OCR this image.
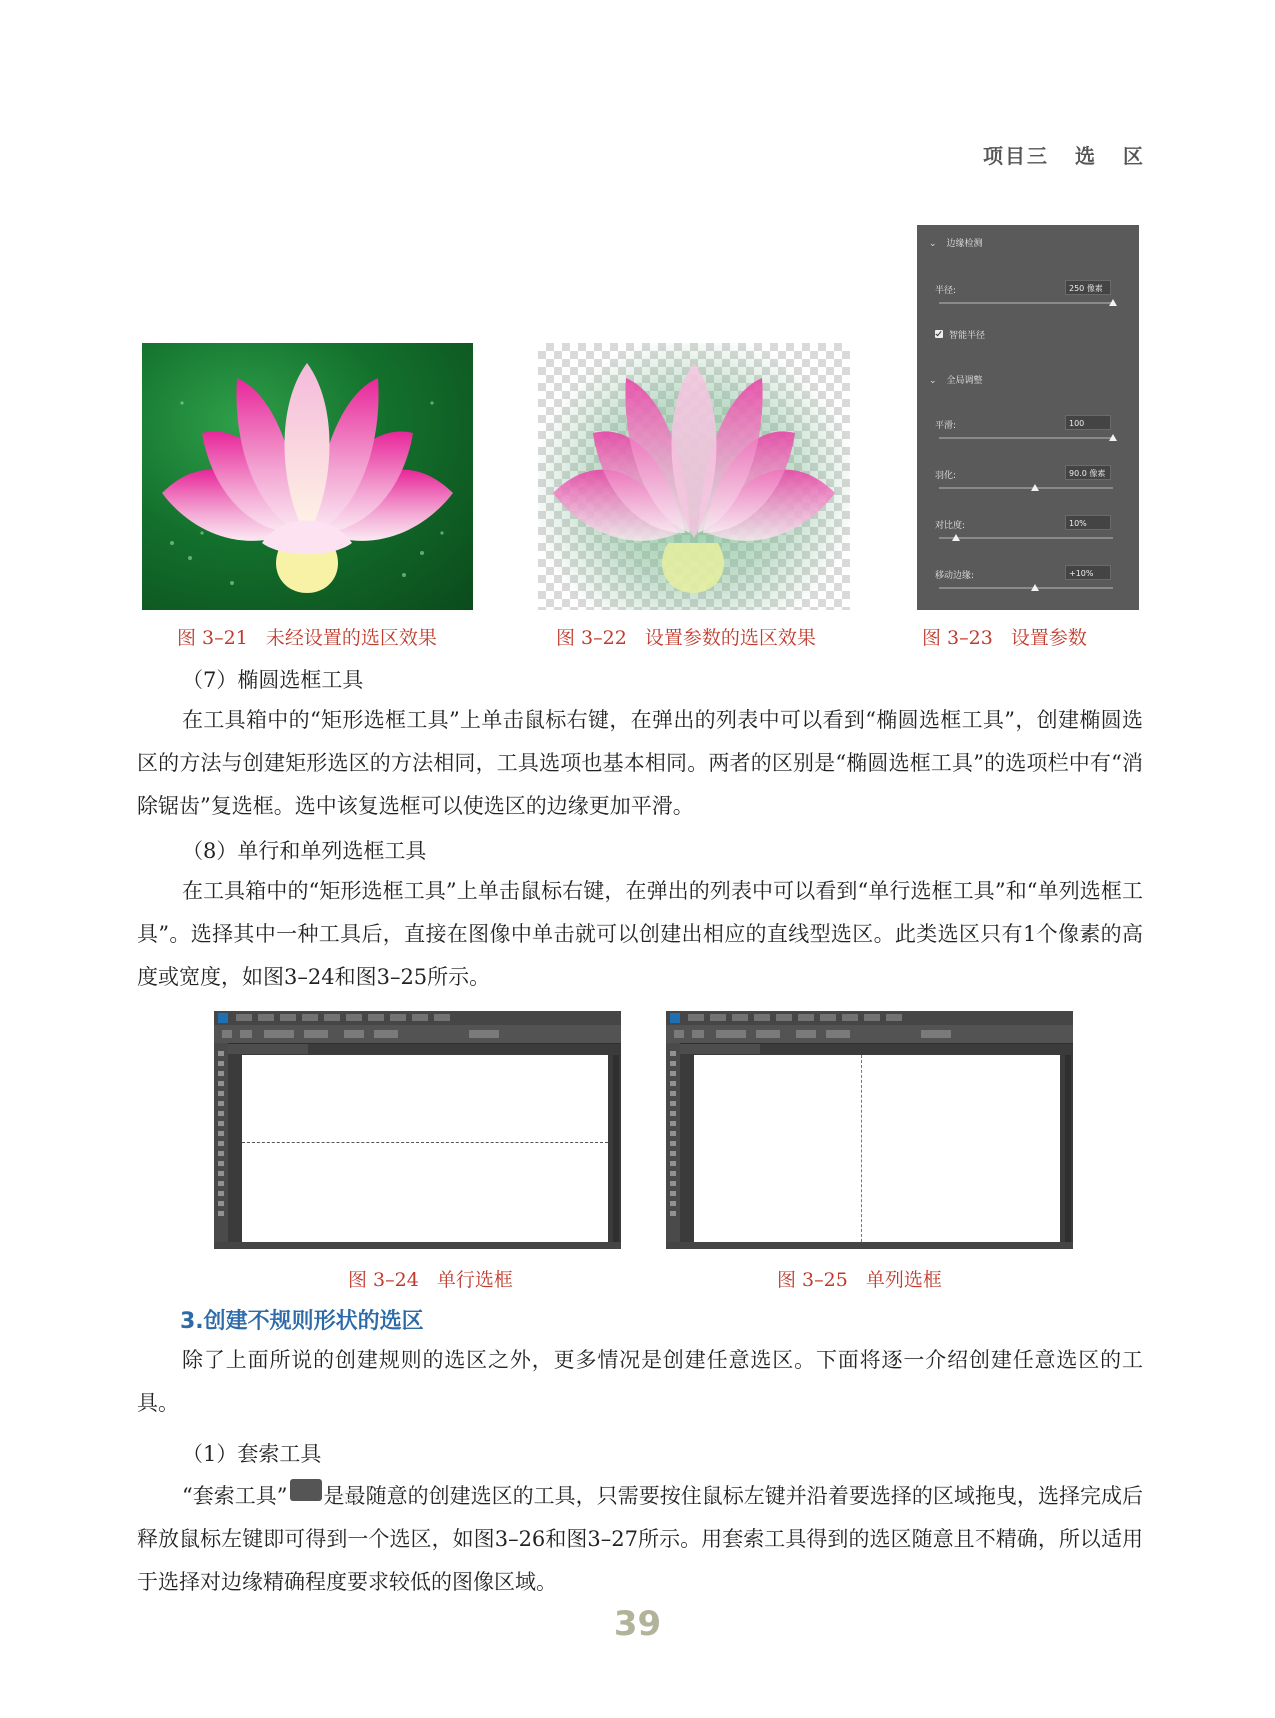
项目三 选 区
⌄ 边缘检测
半径:	250 像素
智能半径
⌄ 全局调整
平滑:	100
羽化:	90.0 像素
对比度:	10%
移动边缘:	+10%
图 3–21 未经设置的选区效果	图 3–22 设置参数的选区效果	图 3–23 设置参数
（7）椭圆选框工具

在工具箱中的“矩形选框工具”上单击鼠标右键，在弹出的列表中可以看到“椭圆选框工具”，创建椭圆选区的方法与创建矩形选区的方法相同，工具选项也基本相同。两者的区别是“椭圆选框工具”的选项栏中有“消除锯齿”复选框。选中该复选框可以使选区的边缘更加平滑。

（8）单行和单列选框工具

在工具箱中的“矩形选框工具”上单击鼠标右键，在弹出的列表中可以看到“单行选框工具”和“单列选框工具”。选择其中一种工具后，直接在图像中单击就可以创建出相应的直线型选区。此类选区只有1个像素的高度或宽度，如图3–24和图3–25所示。

图 3–24 单行选框	图 3–25 单列选框
3.创建不规则形状的选区

除了上面所说的创建规则的选区之外，更多情况是创建任意选区。下面将逐一介绍创建任意选区的工具。

（1）套索工具

“套索工具” 是最随意的创建选区的工具，只需要按住鼠标左键并沿着要选择的区域拖曳，选择完成后释放鼠标左键即可得到一个选区，如图3–26和图3–27所示。用套索工具得到的选区随意且不精确，所以适用于选择对边缘精确程度要求较低的图像区域。

39
